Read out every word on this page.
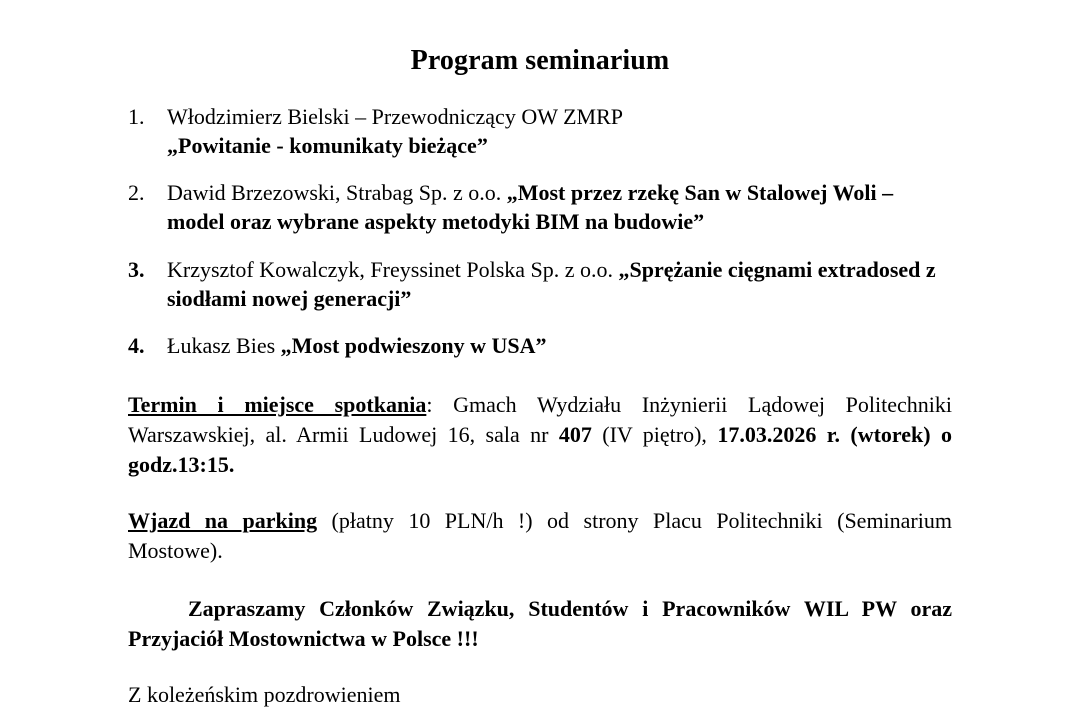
Program seminarium
1.	Włodzimierz Bielski – Przewodniczący OW ZMRP
„Powitanie - komunikaty bieżące”
2.	Dawid Brzezowski, Strabag Sp. z o.o. „Most przez rzekę San w Stalowej Woli – model oraz wybrane aspekty metodyki BIM na budowie”
3.	Krzysztof Kowalczyk, Freyssinet Polska Sp. z o.o. „Sprężanie cięgnami extradosed z siodłami nowej generacji”
4.	Łukasz Bies „Most podwieszony w USA”

Termin i miejsce spotkania: Gmach Wydziału Inżynierii Lądowej Politechniki Warszawskiej, al. Armii Ludowej 16, sala nr 407 (IV piętro), 17.03.2026 r. (wtorek) o godz.13:15.

Wjazd na parking (płatny 10 PLN/h !) od strony Placu Politechniki (Seminarium Mostowe).

Zapraszamy Członków Związku, Studentów i Pracowników WIL PW oraz Przyjaciół Mostownictwa w Polsce !!!

Z koleżeńskim pozdrowieniem
